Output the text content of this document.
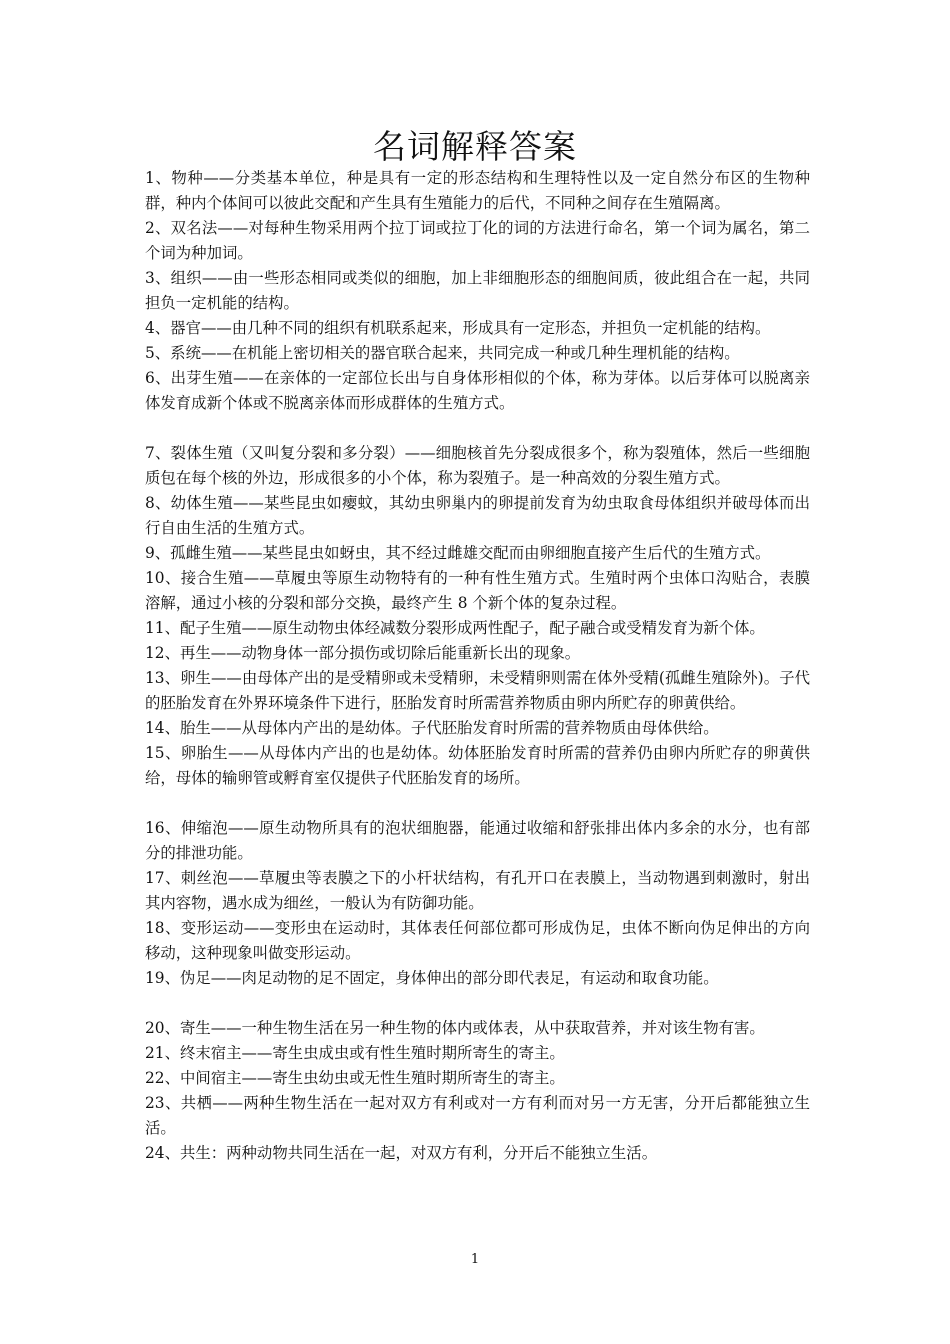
名词解释答案

1、物种——分类基本单位，种是具有一定的形态结构和生理特性以及一定自然分布区的生物种群，种内个体间可以彼此交配和产生具有生殖能力的后代，不同种之间存在生殖隔离。

2、双名法——对每种生物采用两个拉丁词或拉丁化的词的方法进行命名，第一个词为属名，第二个词为种加词。

3、组织——由一些形态相同或类似的细胞，加上非细胞形态的细胞间质，彼此组合在一起，共同担负一定机能的结构。

4、器官——由几种不同的组织有机联系起来，形成具有一定形态，并担负一定机能的结构。

5、系统——在机能上密切相关的器官联合起来，共同完成一种或几种生理机能的结构。

6、出芽生殖——在亲体的一定部位长出与自身体形相似的个体，称为芽体。以后芽体可以脱离亲体发育成新个体或不脱离亲体而形成群体的生殖方式。

7、裂体生殖（又叫复分裂和多分裂）——细胞核首先分裂成很多个，称为裂殖体，然后一些细胞质包在每个核的外边，形成很多的小个体，称为裂殖子。是一种高效的分裂生殖方式。

8、幼体生殖——某些昆虫如瘿蚊，其幼虫卵巢内的卵提前发育为幼虫取食母体组织并破母体而出行自由生活的生殖方式。

9、孤雌生殖——某些昆虫如蚜虫，其不经过雌雄交配而由卵细胞直接产生后代的生殖方式。

10、接合生殖——草履虫等原生动物特有的一种有性生殖方式。生殖时两个虫体口沟贴合，表膜溶解，通过小核的分裂和部分交换，最终产生 8 个新个体的复杂过程。

11、配子生殖——原生动物虫体经减数分裂形成两性配子，配子融合或受精发育为新个体。

12、再生——动物身体一部分损伤或切除后能重新长出的现象。

13、卵生——由母体产出的是受精卵或未受精卵，未受精卵则需在体外受精(孤雌生殖除外)。子代的胚胎发育在外界环境条件下进行，胚胎发育时所需营养物质由卵内所贮存的卵黄供给。

14、胎生——从母体内产出的是幼体。子代胚胎发育时所需的营养物质由母体供给。

15、卵胎生——从母体内产出的也是幼体。幼体胚胎发育时所需的营养仍由卵内所贮存的卵黄供给，母体的输卵管或孵育室仅提供子代胚胎发育的场所。

16、伸缩泡——原生动物所具有的泡状细胞器，能通过收缩和舒张排出体内多余的水分，也有部分的排泄功能。

17、刺丝泡——草履虫等表膜之下的小杆状结构，有孔开口在表膜上，当动物遇到刺激时，射出其内容物，遇水成为细丝，一般认为有防御功能。

18、变形运动——变形虫在运动时，其体表任何部位都可形成伪足，虫体不断向伪足伸出的方向移动，这种现象叫做变形运动。

19、伪足——肉足动物的足不固定，身体伸出的部分即代表足，有运动和取食功能。

20、寄生——一种生物生活在另一种生物的体内或体表，从中获取营养，并对该生物有害。

21、终末宿主——寄生虫成虫或有性生殖时期所寄生的寄主。

22、中间宿主——寄生虫幼虫或无性生殖时期所寄生的寄主。

23、共栖——两种生物生活在一起对双方有利或对一方有利而对另一方无害，分开后都能独立生活。

24、共生：两种动物共同生活在一起，对双方有利，分开后不能独立生活。

1
